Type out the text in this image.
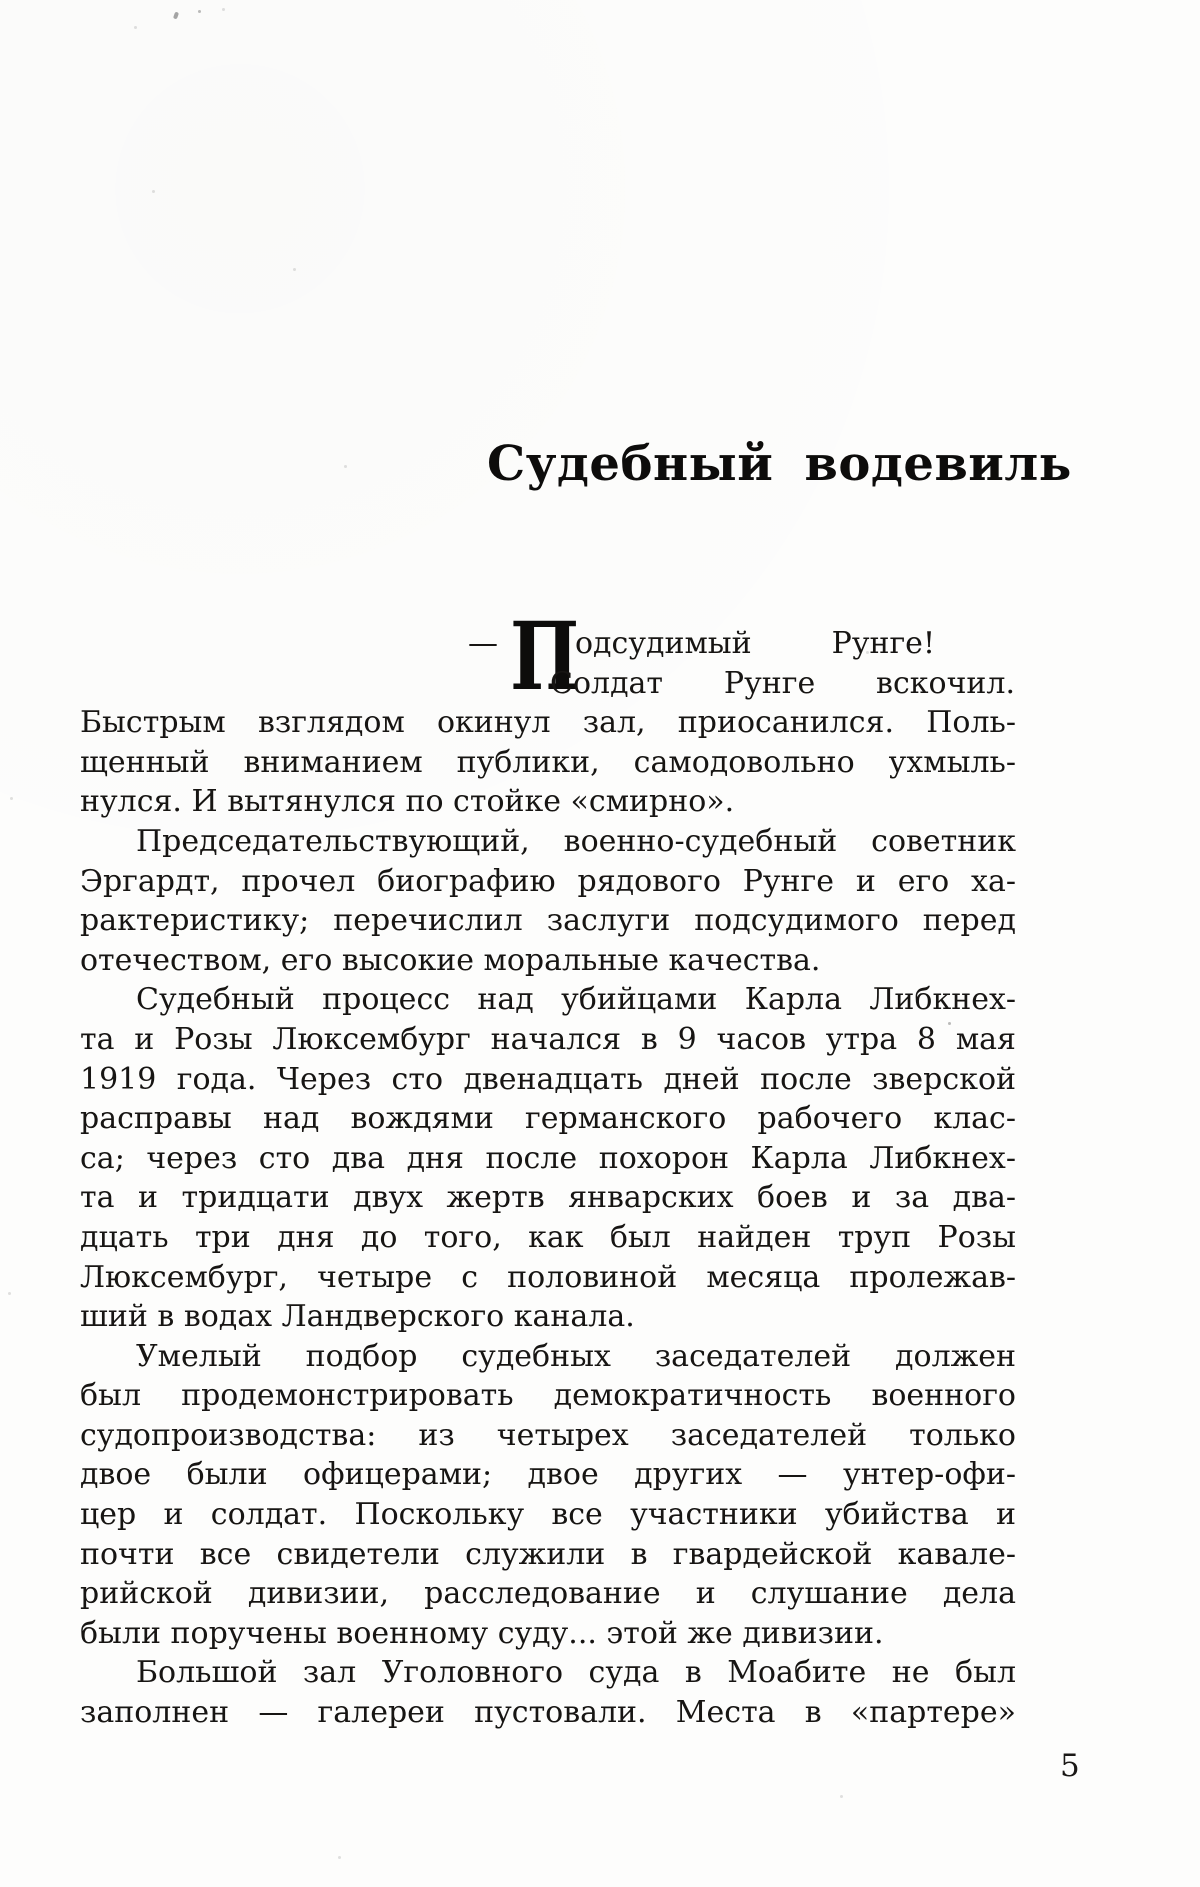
Судебный водевиль
— П
одсудимый Рунге!
Солдат Рунге вскочил.
Быстрым взглядом окинул зал, приосанился. Поль-
щенный вниманием публики, самодовольно ухмыль-
нулся. И вытянулся по стойке «смирно».
Председательствующий, военно-судебный советник
Эргардт, прочел биографию рядового Рунге и его ха-
рактеристику; перечислил заслуги подсудимого перед
отечеством, его высокие моральные качества.
Судебный процесс над убийцами Карла Либкнех-
та и Розы Люксембург начался в 9 часов утра 8 мая
1919 года. Через сто двенадцать дней после зверской
расправы над вождями германского рабочего клас-
са; через сто два дня после похорон Карла Либкнех-
та и тридцати двух жертв январских боев и за два-
дцать три дня до того, как был найден труп Розы
Люксембург, четыре с половиной месяца пролежав-
ший в водах Ландверского канала.
Умелый подбор судебных заседателей должен
был продемонстрировать демократичность военного
судопроизводства: из четырех заседателей только
двое были офицерами; двое других — унтер-офи-
цер и солдат. Поскольку все участники убийства и
почти все свидетели служили в гвардейской кавале-
рийской дивизии, расследование и слушание дела
были поручены военному суду... этой же дивизии.
Большой зал Уголовного суда в Моабите не был
заполнен — галереи пустовали. Места в «партере»
5
